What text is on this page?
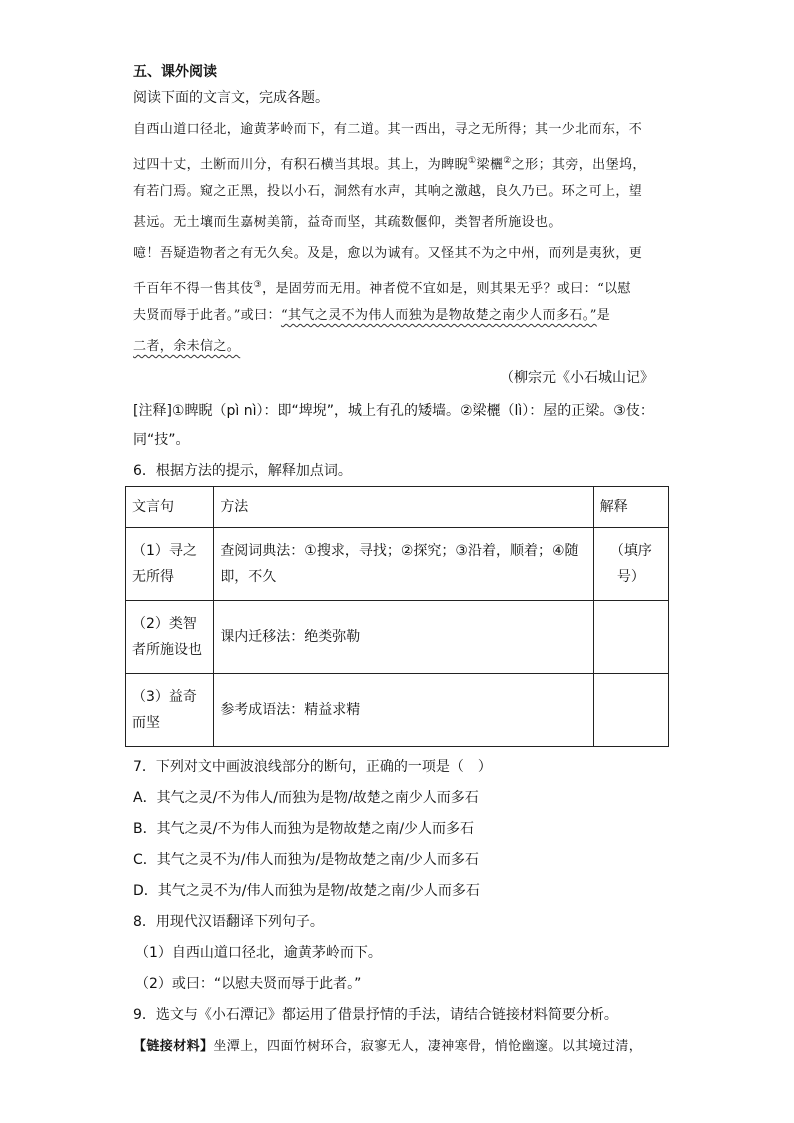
五、课外阅读
阅读下面的文言文，完成各题。
自西山道口径北，逾黄茅岭而下，有二道。其一西出，寻之无所得；其一少北而东，不
过四十丈，土断而川分，有积石横当其垠。其上，为睥睨①梁欐②之形；其旁，出堡坞，
有若门焉。窥之正黑，投以小石，洞然有水声，其响之激越，良久乃已。环之可上，望
甚远。无土壤而生嘉树美箭，益奇而坚，其疏数偃仰，类智者所施设也。
噫！吾疑造物者之有无久矣。及是，愈以为诚有。又怪其不为之中州，而列是夷狄，更
千百年不得一售其伎③，是固劳而无用。神者傥不宜如是，则其果无乎？或曰：“以慰
夫贤而辱于此者。”或曰：“其气之灵不为伟人而独为是物故楚之南少人而多石。”是
二者，余未信之。
（柳宗元《小石城山记》
[注释]①睥睨（pì nì）：即“埤堄”，城上有孔的矮墙。②梁欐（lì）：屋的正梁。③伎：
同“技”。
6．根据方法的提示，解释加点词。
文言句	方法	解释
（1）寻之无所得	查阅词典法：①搜求，寻找；②探究；③沿着，顺着；④随即，不久	（填序号）
（2）类智者所施设也	课内迁移法：绝类弥勒	
（3）益奇而坚	参考成语法：精益求精	
7．下列对文中画波浪线部分的断句，正确的一项是（　）
A．其气之灵/不为伟人/而独为是物/故楚之南少人而多石
B．其气之灵/不为伟人而独为是物故楚之南/少人而多石
C．其气之灵不为/伟人而独为/是物故楚之南/少人而多石
D．其气之灵不为/伟人而独为是物/故楚之南/少人而多石
8．用现代汉语翻译下列句子。
（1）自西山道口径北，逾黄茅岭而下。
（2）或曰：“以慰夫贤而辱于此者。”
9．选文与《小石潭记》都运用了借景抒情的手法，请结合链接材料简要分析。
【链接材料】坐潭上，四面竹树环合，寂寥无人，凄神寒骨，悄怆幽邃。以其境过清，
